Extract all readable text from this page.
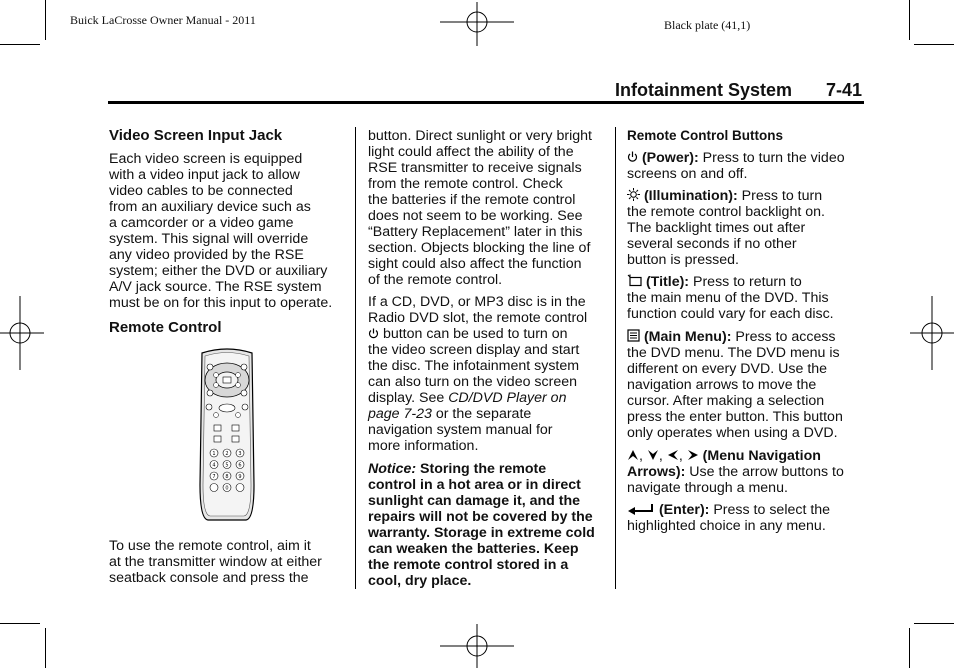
Buick LaCrosse Owner Manual - 2011	Black plate (41,1)
Infotainment System 7-41
Video Screen Input Jack
Each video screen is equipped
with a video input jack to allow
video cables to be connected
from an auxiliary device such as
a camcorder or a video game
system. This signal will override
any video provided by the RSE
system; either the DVD or auxiliary
A/V jack source. The RSE system
must be on for this input to operate.
Remote Control
1 2 3
4 5 6
7 8 9
0
To use the remote control, aim it
at the transmitter window at either
seatback console and press the
button. Direct sunlight or very bright
light could affect the ability of the
RSE transmitter to receive signals
from the remote control. Check
the batteries if the remote control
does not seem to be working. See
“Battery Replacement” later in this
section. Objects blocking the line of
sight could also affect the function
of the remote control.
If a CD, DVD, or MP3 disc is in the
Radio DVD slot, the remote control
button can be used to turn on
the video screen display and start
the disc. The infotainment system
can also turn on the video screen
display. See CD/DVD Player on
page 7-23 or the separate
navigation system manual for
more information.
Notice: Storing the remote
control in a hot area or in direct
sunlight can damage it, and the
repairs will not be covered by the
warranty. Storage in extreme cold
can weaken the batteries. Keep
the remote control stored in a
cool, dry place.
Remote Control Buttons
(Power): Press to turn the video
screens on and off.
(Illumination): Press to turn
the remote control backlight on.
The backlight times out after
several seconds if no other
button is pressed.
(Title): Press to return to
the main menu of the DVD. This
function could vary for each disc.
(Main Menu): Press to access
the DVD menu. The DVD menu is
different on every DVD. Use the
navigation arrows to move the
cursor. After making a selection
press the enter button. This button
only operates when using a DVD.
, , , (Menu Navigation
Arrows): Use the arrow buttons to
navigate through a menu.
(Enter): Press to select the
highlighted choice in any menu.
